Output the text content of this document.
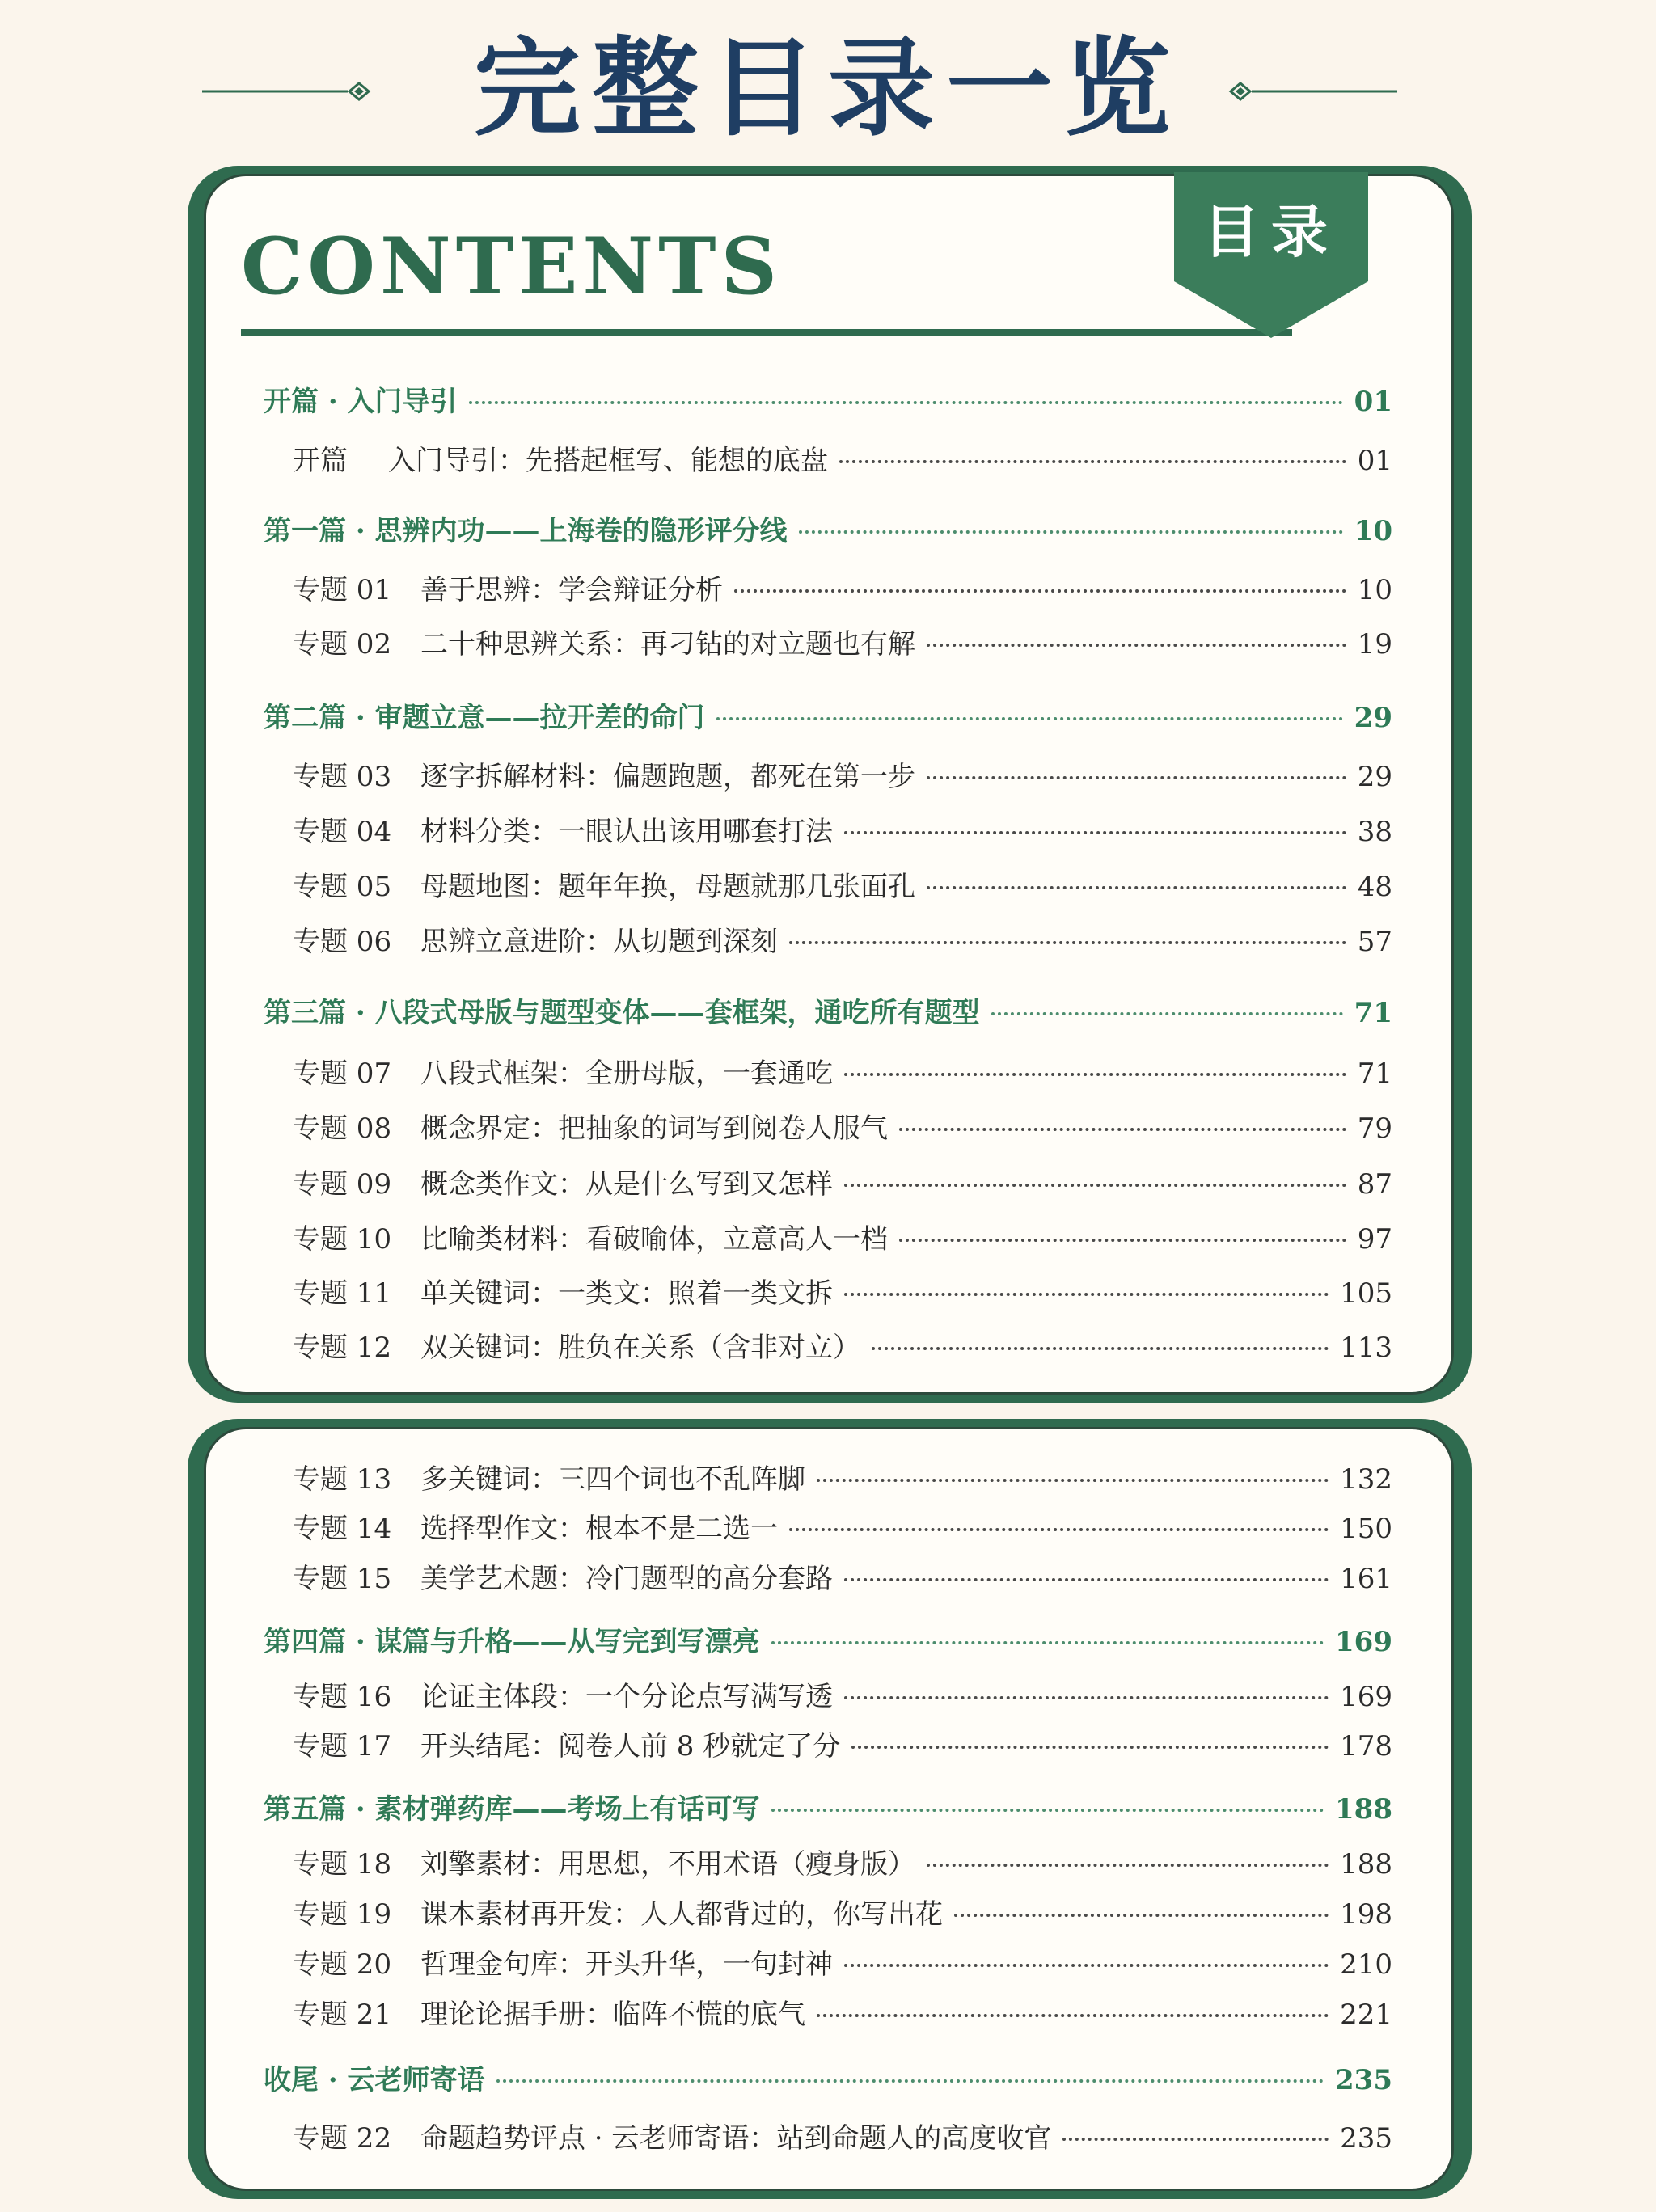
完整目录一览
CONTENTS	目录
开篇 · 入门导引	01
开篇	入门导引：先搭起框写、能想的底盘	01
第一篇 · 思辨内功——上海卷的隐形评分线	10
专题 01	善于思辨：学会辩证分析	10
专题 02	二十种思辨关系：再刁钻的对立题也有解	19
第二篇 · 审题立意——拉开差的命门	29
专题 03	逐字拆解材料：偏题跑题，都死在第一步	29
专题 04	材料分类：一眼认出该用哪套打法	38
专题 05	母题地图：题年年换，母题就那几张面孔	48
专题 06	思辨立意进阶：从切题到深刻	57
第三篇 · 八段式母版与题型变体——套框架，通吃所有题型	71
专题 07	八段式框架：全册母版，一套通吃	71
专题 08	概念界定：把抽象的词写到阅卷人服气	79
专题 09	概念类作文：从是什么写到又怎样	87
专题 10	比喻类材料：看破喻体，立意高人一档	97
专题 11	单关键词：一类文：照着一类文拆	105
专题 12	双关键词：胜负在关系（含非对立）	113
专题 13	多关键词：三四个词也不乱阵脚	132
专题 14	选择型作文：根本不是二选一	150
专题 15	美学艺术题：冷门题型的高分套路	161
第四篇 · 谋篇与升格——从写完到写漂亮	169
专题 16	论证主体段：一个分论点写满写透	169
专题 17	开头结尾：阅卷人前 8 秒就定了分	178
第五篇 · 素材弹药库——考场上有话可写	188
专题 18	刘擎素材：用思想，不用术语（瘦身版）	188
专题 19	课本素材再开发：人人都背过的，你写出花	198
专题 20	哲理金句库：开头升华，一句封神	210
专题 21	理论论据手册：临阵不慌的底气	221
收尾 · 云老师寄语	235
专题 22	命题趋势评点 · 云老师寄语：站到命题人的高度收官	235
